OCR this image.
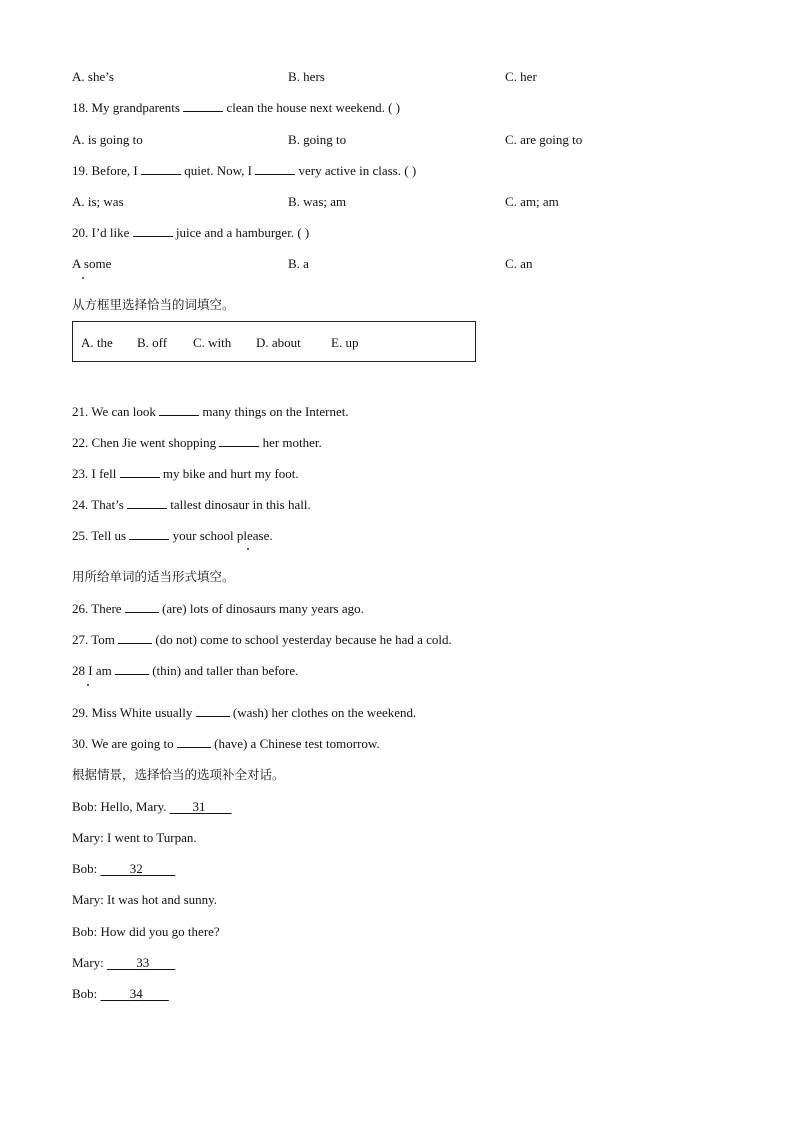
A. she’s	B. hers	C. her
18. My grandparents	clean the house next weekend. ( )
A. is going to	B. going to	C. are going to
19. Before, I	quiet. Now, I	very active in class. ( )
A. is; was	B. was; am	C. am; am
20. I’d like	juice and a hamburger. ( )
A some	B. a	C. an
从方框里选择恰当的词填空。
A. the B. off C. with D. about E. up
21. We can look	many things on the Internet.
22. Chen Jie went shopping	her mother.
23. I fell	my bike and hurt my foot.
24. That’s	tallest dinosaur in this hall.
25. Tell us	your school please.
用所给单词的适当形式填空。
26. There	(are) lots of dinosaurs many years ago.
27. Tom	(do not) come to school yesterday because he had a cold.
28 I am	(thin) and taller than before.
29. Miss White usually	(wash) her clothes on the weekend.
30. We are going to	(have) a Chinese test tomorrow.
根据情景，选择恰当的选项补全对话。
Bob: Hello, Mary. 31
Mary: I went to Turpan.
Bob:	32
Mary: It was hot and sunny.
Bob: How did you go there?
Mary:	33
Bob:	34
